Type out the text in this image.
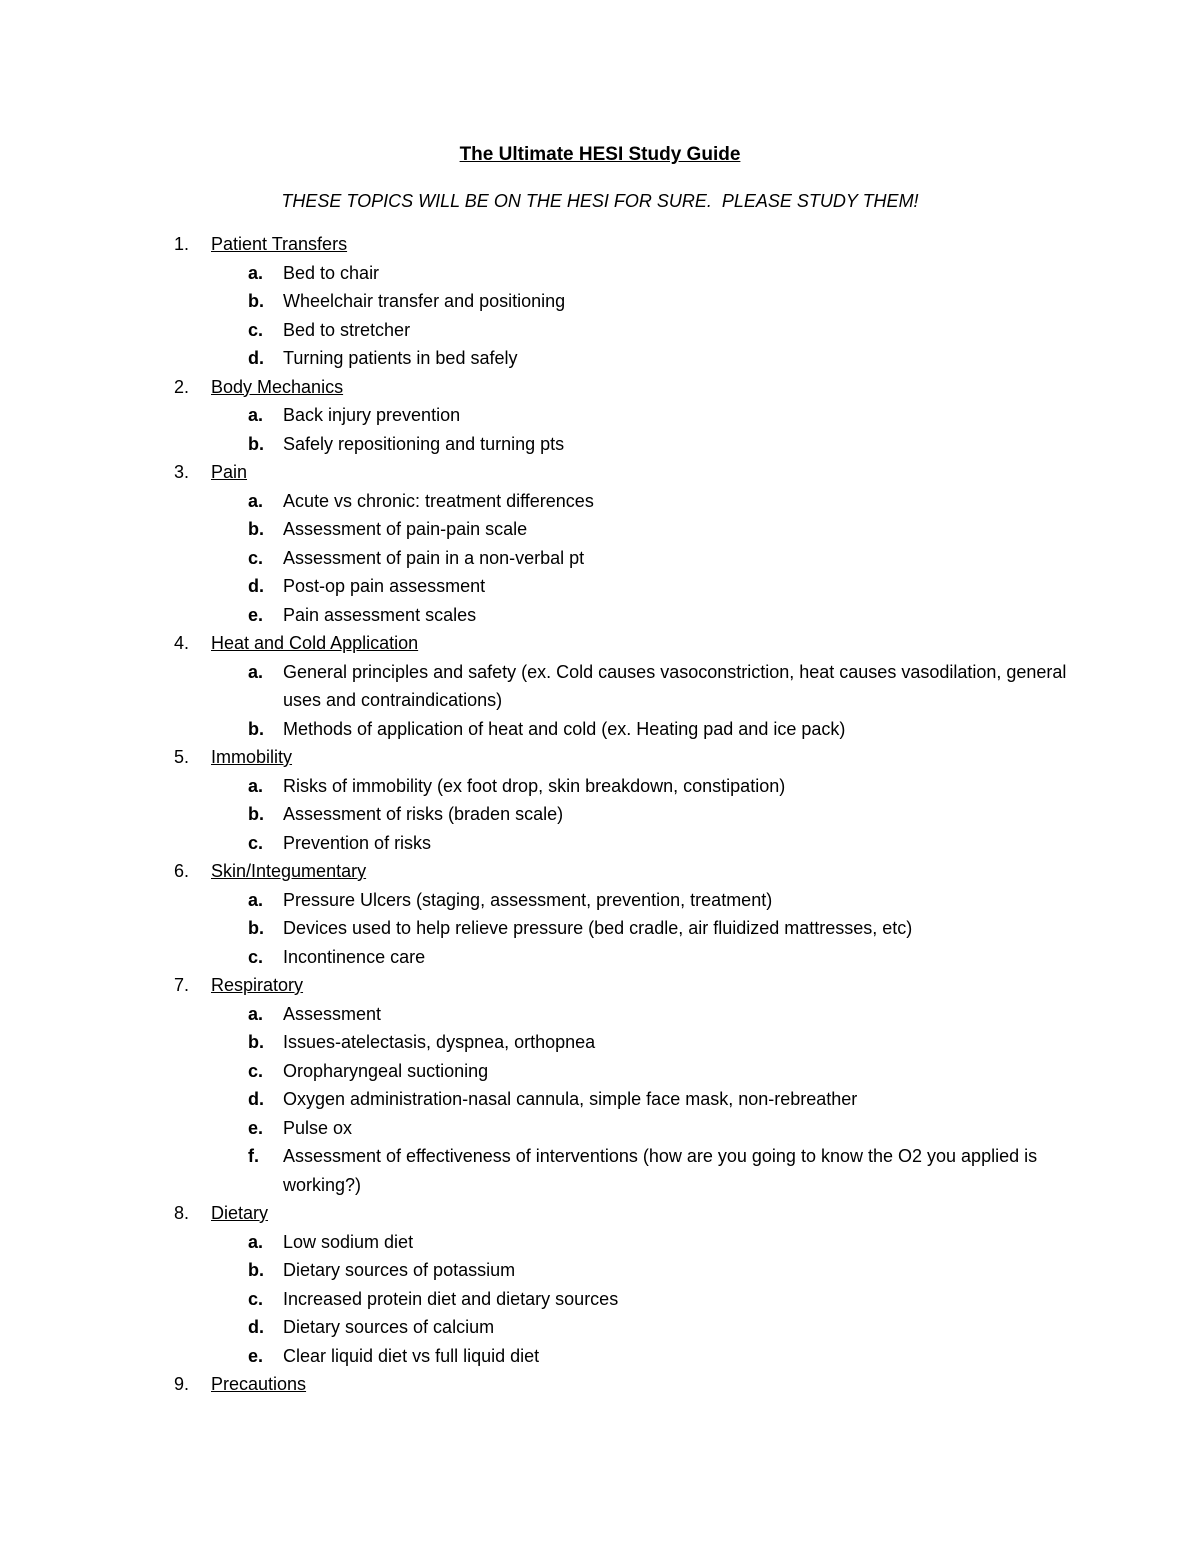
The Ultimate HESI Study Guide

THESE TOPICS WILL BE ON THE HESI FOR SURE.  PLEASE STUDY THEM!

1. Patient Transfers
a. Bed to chair
b. Wheelchair transfer and positioning
c. Bed to stretcher
d. Turning patients in bed safely
2. Body Mechanics
a. Back injury prevention
b. Safely repositioning and turning pts
3. Pain
a. Acute vs chronic: treatment differences
b. Assessment of pain-pain scale
c. Assessment of pain in a non-verbal pt
d. Post-op pain assessment
e. Pain assessment scales
4. Heat and Cold Application
a. General principles and safety (ex. Cold causes vasoconstriction, heat causes vasodilation, general uses and contraindications)
b. Methods of application of heat and cold (ex. Heating pad and ice pack)
5. Immobility
a. Risks of immobility (ex foot drop, skin breakdown, constipation)
b. Assessment of risks (braden scale)
c. Prevention of risks
6. Skin/Integumentary
a. Pressure Ulcers (staging, assessment, prevention, treatment)
b. Devices used to help relieve pressure (bed cradle, air fluidized mattresses, etc)
c. Incontinence care
7. Respiratory
a. Assessment
b. Issues-atelectasis, dyspnea, orthopnea
c. Oropharyngeal suctioning
d. Oxygen administration-nasal cannula, simple face mask, non-rebreather
e. Pulse ox
f. Assessment of effectiveness of interventions (how are you going to know the O2 you applied is working?)
8. Dietary
a. Low sodium diet
b. Dietary sources of potassium
c. Increased protein diet and dietary sources
d. Dietary sources of calcium
e. Clear liquid diet vs full liquid diet
9. Precautions
